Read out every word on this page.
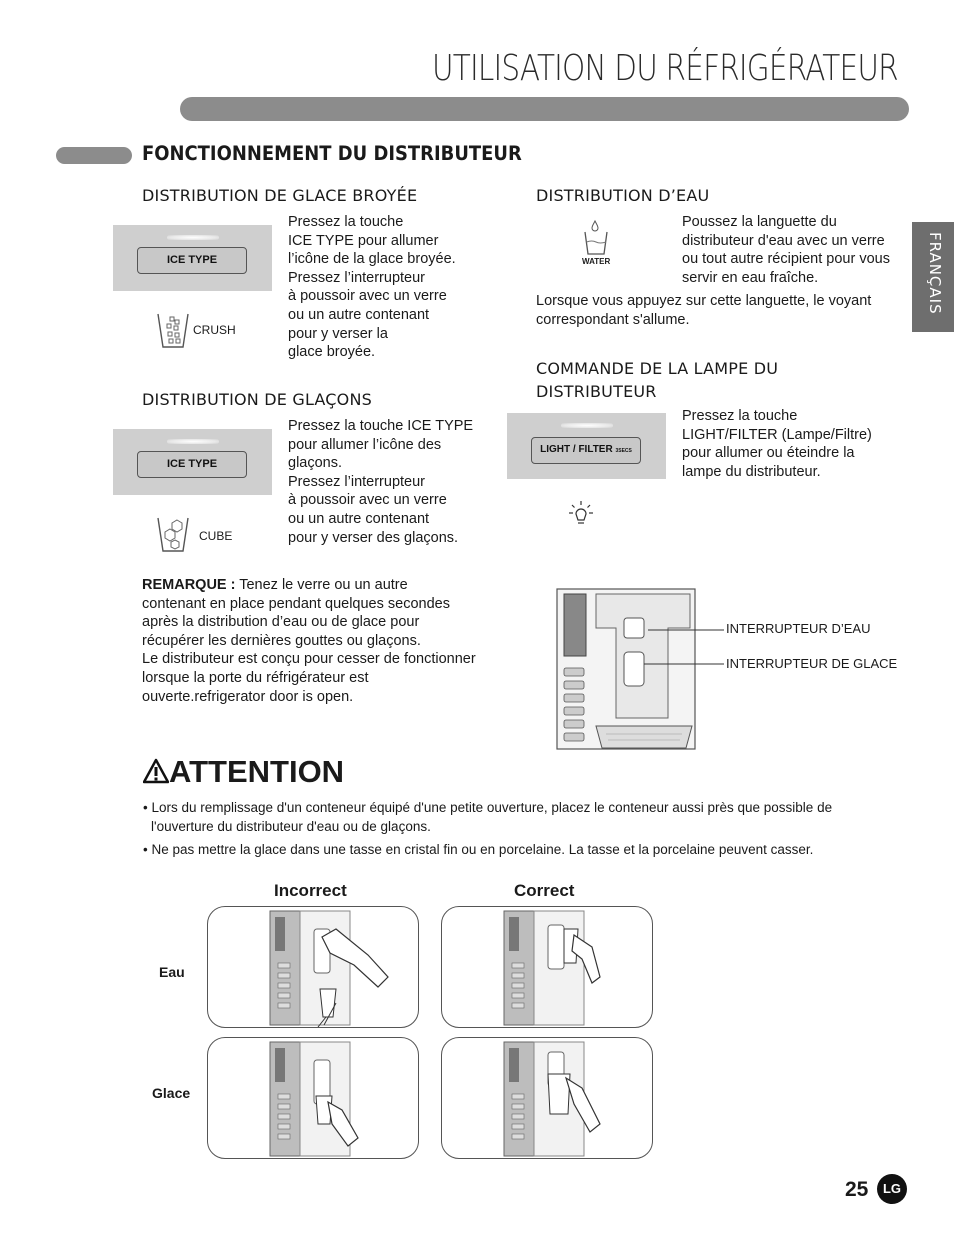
UTILISATION DU RÉFRIGÉRATEUR
FRANÇAIS
FONCTIONNEMENT DU DISTRIBUTEUR
DISTRIBUTION DE GLACE BROYÉE
ICE TYPE
CRUSH
Pressez la touche
ICE TYPE pour allumer
l’icône de la glace broyée.
Pressez l’interrupteur
à poussoir avec un verre
ou un autre contenant
pour y verser la
glace broyée.
DISTRIBUTION DE GLAÇONS
ICE TYPE
CUBE
Pressez la touche ICE TYPE
pour allumer l’icône des
glaçons.
Pressez l’interrupteur
à poussoir avec un verre
ou un autre contenant
pour y verser des glaçons.
DISTRIBUTION D’EAU
WATER
Poussez la languette du
distributeur d'eau avec un verre
ou tout autre récipient pour vous
servir en eau fraîche.
Lorsque vous appuyez sur cette languette, le voyant
correspondant s'allume.
COMMANDE DE LA LAMPE DU
DISTRIBUTEUR
LIGHT / FILTER 3SECS
Pressez la touche
LIGHT/FILTER (Lampe/Filtre)
pour allumer ou éteindre la
lampe du distributeur.
REMARQUE : Tenez le verre ou un autre
contenant en place pendant quelques secondes
après la distribution d’eau ou de glace pour
récupérer les dernières gouttes ou glaçons.
Le distributeur est conçu pour cesser de fonctionner
lorsque la porte du réfrigérateur est
ouverte.refrigerator door is open.
INTERRUPTEUR D’EAU
INTERRUPTEUR DE GLACE
ATTENTION
• Lors du remplissage d'un conteneur équipé d'une petite ouverture, placez le conteneur aussi près que possible de
l'ouverture du distributeur d'eau ou de glaçons.
• Ne pas mettre la glace dans une tasse en cristal fin ou en porcelaine. La tasse et la porcelaine peuvent casser.
Incorrect	Correct
Eau
Glace
25	LG
